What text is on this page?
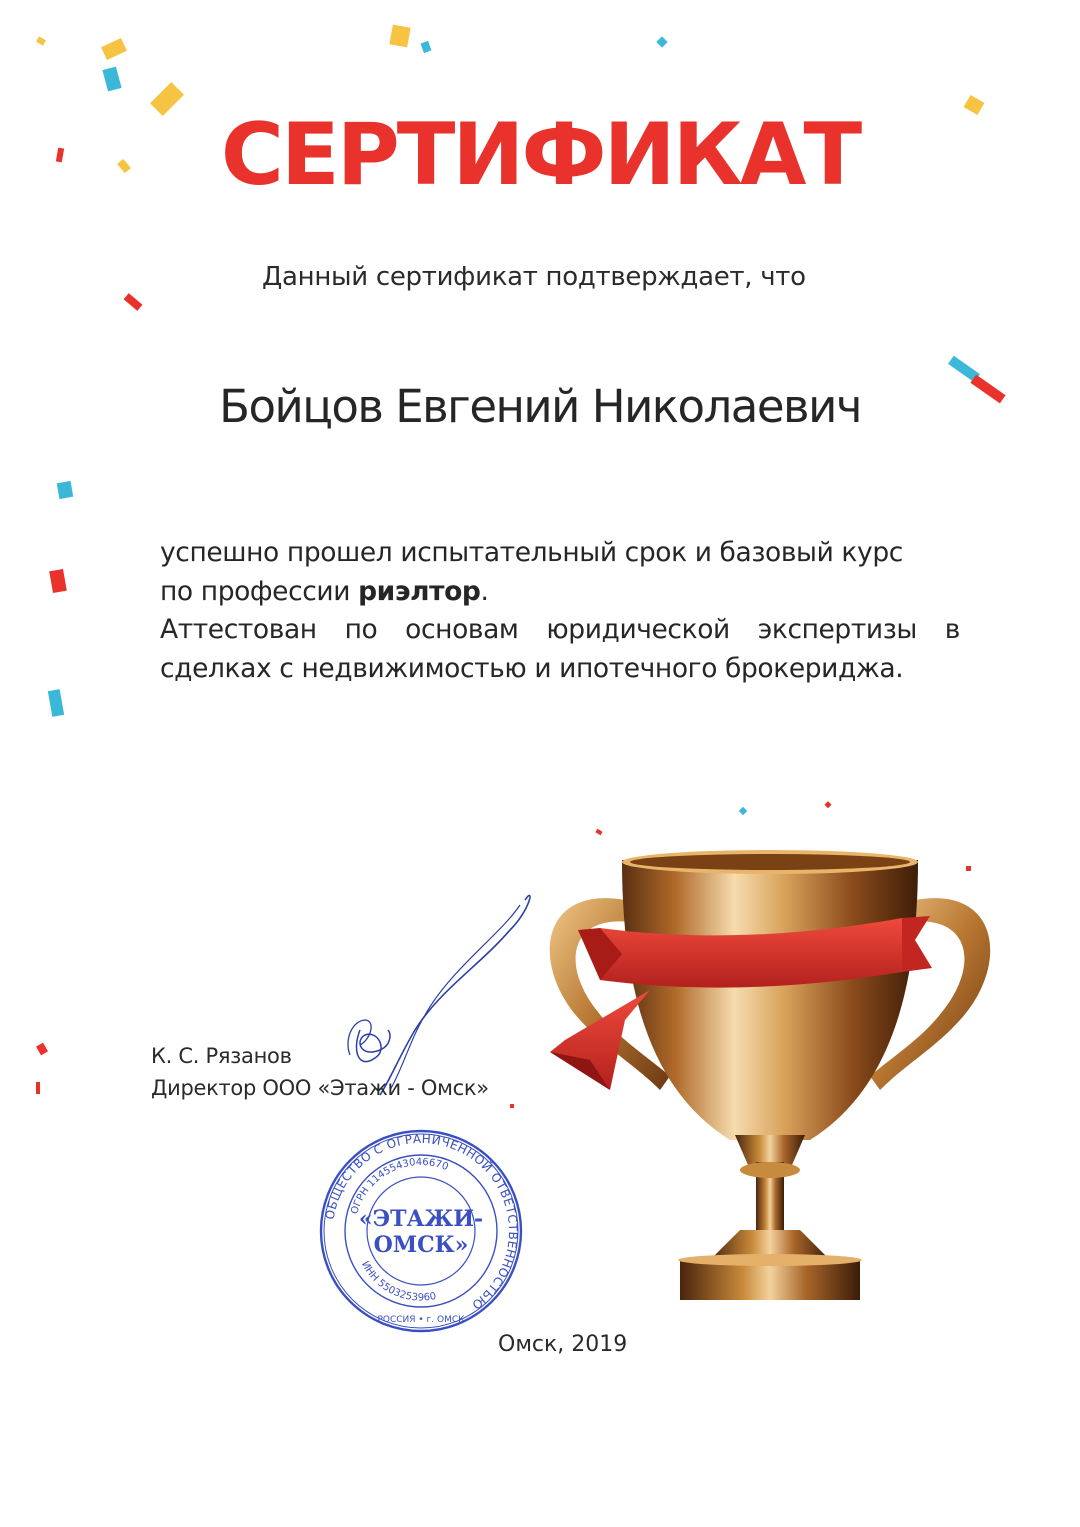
СЕРТИФИКАТ
Данный сертификат подтверждает, что
Бойцов Евгений Николаевич
успешно прошел испытательный срок и базовый курс
по профессии риэлтор.
Аттестован по основам юридической экспертизы в
сделках с недвижимостью и ипотечного брокериджа.
К. С. Рязанов
Директор ООО «Этажи - Омск»
ОБЩЕСТВО С ОГРАНИЧЕННОЙ ОТВЕТСТВЕННОСТЬЮ
ОГРН 1145543046670
ИНН 5503253960
РОССИЯ • г. ОМСК
«ЭТАЖИ-
ОМСК»
Омск, 2019
